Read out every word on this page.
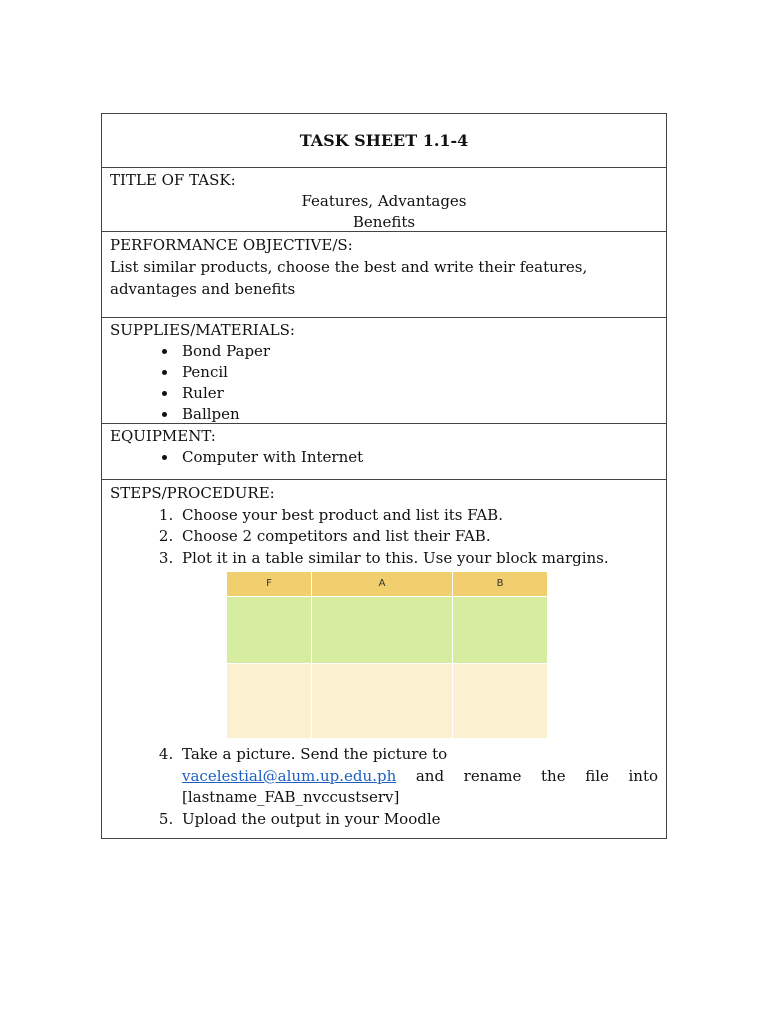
TASK SHEET 1.1-4
TITLE OF TASK:
Features, Advantages
Benefits
PERFORMANCE OBJECTIVE/S:
List similar products, choose the best and write their features, advantages and benefits
SUPPLIES/MATERIALS:
• Bond Paper
• Pencil
• Ruler
• Ballpen
EQUIPMENT:
• Computer with Internet
STEPS/PROCEDURE:
1. Choose your best product and list its FAB.
2. Choose 2 competitors and list their FAB.
3. Plot it in a table similar to this. Use your block margins.
F	A	B

4. Take a picture. Send the picture to
vacelestial@alum.up.edu.ph and rename the file into [lastname_FAB_nvccustserv]
5. Upload the output in your Moodle
